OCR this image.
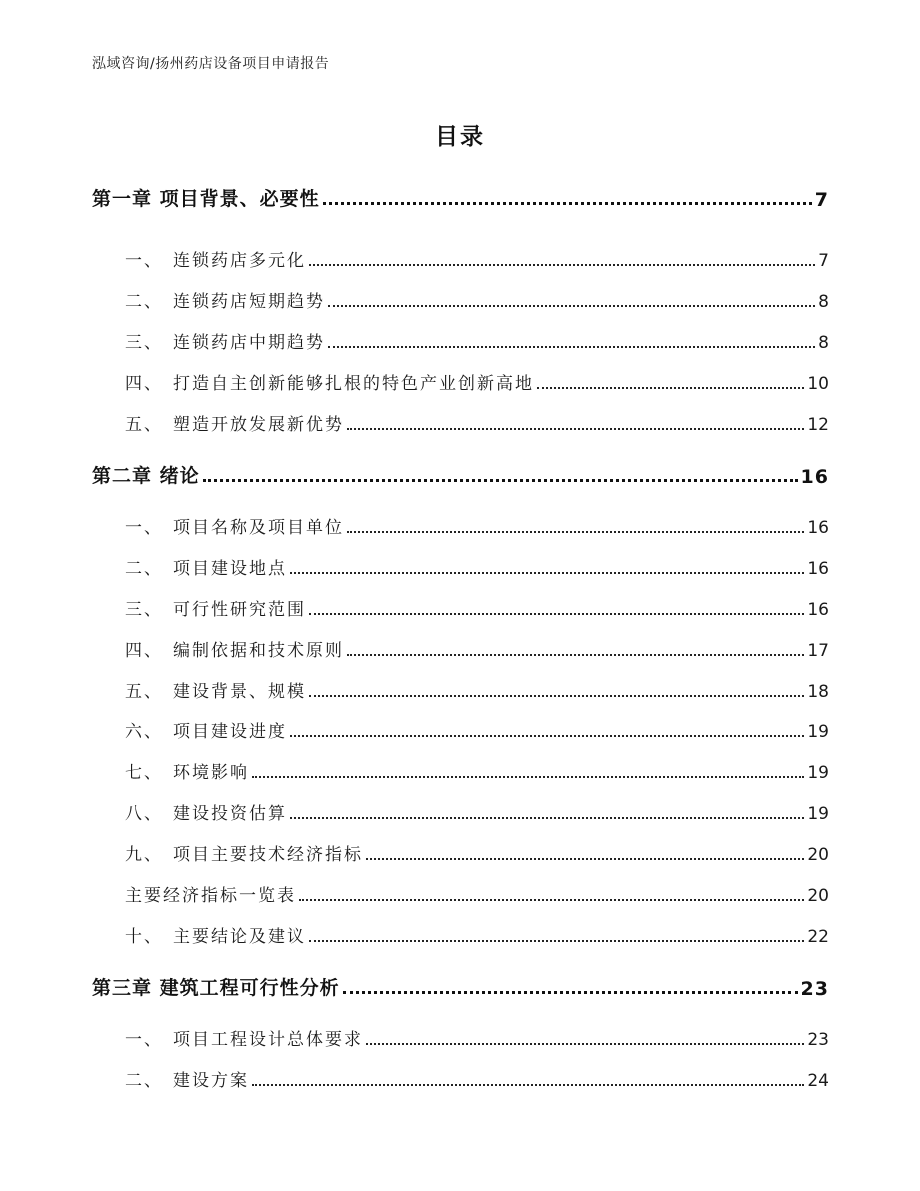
泓域咨询/扬州药店设备项目申请报告
目录
第一章 项目背景、必要性	7
一、 连锁药店多元化	7
二、 连锁药店短期趋势	8
三、 连锁药店中期趋势	8
四、 打造自主创新能够扎根的特色产业创新高地	10
五、 塑造开放发展新优势	12
第二章 绪论	16
一、 项目名称及项目单位	16
二、 项目建设地点	16
三、 可行性研究范围	16
四、 编制依据和技术原则	17
五、 建设背景、规模	18
六、 项目建设进度	19
七、 环境影响	19
八、 建设投资估算	19
九、 项目主要技术经济指标	20
主要经济指标一览表	20
十、 主要结论及建议	22
第三章 建筑工程可行性分析	23
一、 项目工程设计总体要求	23
二、 建设方案	24
